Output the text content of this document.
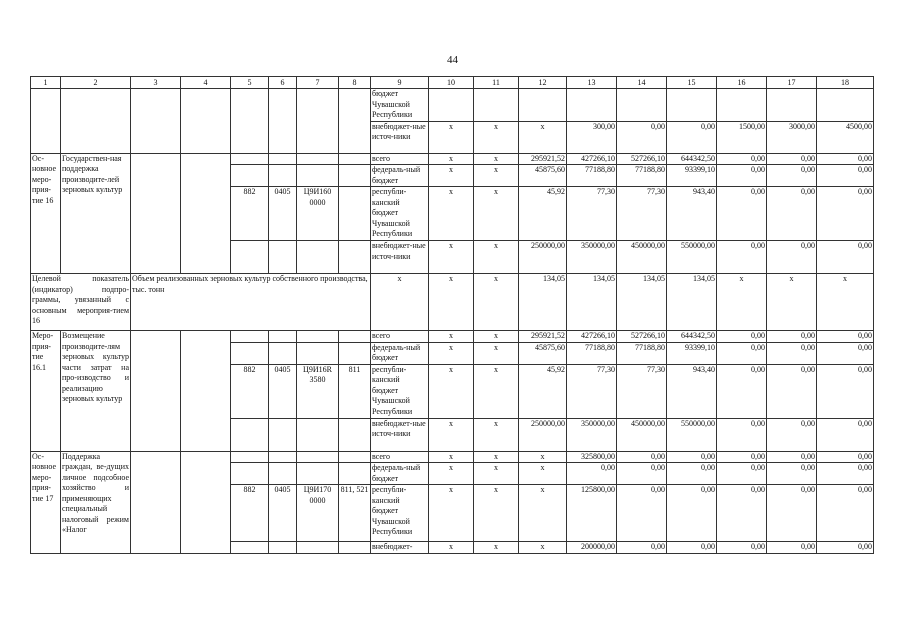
44
1	2	3	4	5	6	7	8	9	10	11	12	13	14	15	16	17	18
								бюджет Чувашской Республики									
								внебюджет-ные источ-ники	x	x	x	300,00	0,00	0,00	1500,00	3000,00	4500,00
Ос-новное меро-прия-тие 16	Государствен-ная поддержка производите-лей зерновых культур							всего	x	x	295921,52	427266,10	527266,10	644342,50	0,00	0,00	0,00
								федераль-ный бюджет	x	x	45875,60	77188,80	77188,80	93399,10	0,00	0,00	0,00
				882	0405	Ц9И160 0000		республи-канский бюджет Чувашской Республики	x	x	45,92	77,30	77,30	943,40	0,00	0,00	0,00
								внебюджет-ные источ-ники	x	x	250000,00	350000,00	450000,00	550000,00	0,00	0,00	0,00
Целевой показатель (индикатор) подпро-граммы, увязанный с основным мероприя-тием 16		Объем реализованных зерновых культур собственного производства, тыс. тонн						x	x	x	134,05	134,05	134,05	134,05	x	x	x
Меро-прия-тие 16.1	Возмещение производите-лям зерновых культур части затрат на про-изводство и реализацию зерновых культур							всего	x	x	295921,52	427266,10	527266,10	644342,50	0,00	0,00	0,00
								федераль-ный бюджет	x	x	45875,60	77188,80	77188,80	93399,10	0,00	0,00	0,00
				882	0405	Ц9И16R 3580	811	республи-канский бюджет Чувашской Республики	x	x	45,92	77,30	77,30	943,40	0,00	0,00	0,00
								внебюджет-ные источ-ники	x	x	250000,00	350000,00	450000,00	550000,00	0,00	0,00	0,00
Ос-новное меро-прия-тие 17	Поддержка граждан, ве-дущих личное подсобное хозяйство и применяющих специальный налоговый режим «Налог							всего	x	x	x	325800,00	0,00	0,00	0,00	0,00	0,00
								федераль-ный бюджет	x	x	x	0,00	0,00	0,00	0,00	0,00	0,00
				882	0405	Ц9И170 0000	811, 521	республи-канский бюджет Чувашской Республики	x	x	x	125800,00	0,00	0,00	0,00	0,00	0,00
								внебюджет-	x	x	x	200000,00	0,00	0,00	0,00	0,00	0,00
